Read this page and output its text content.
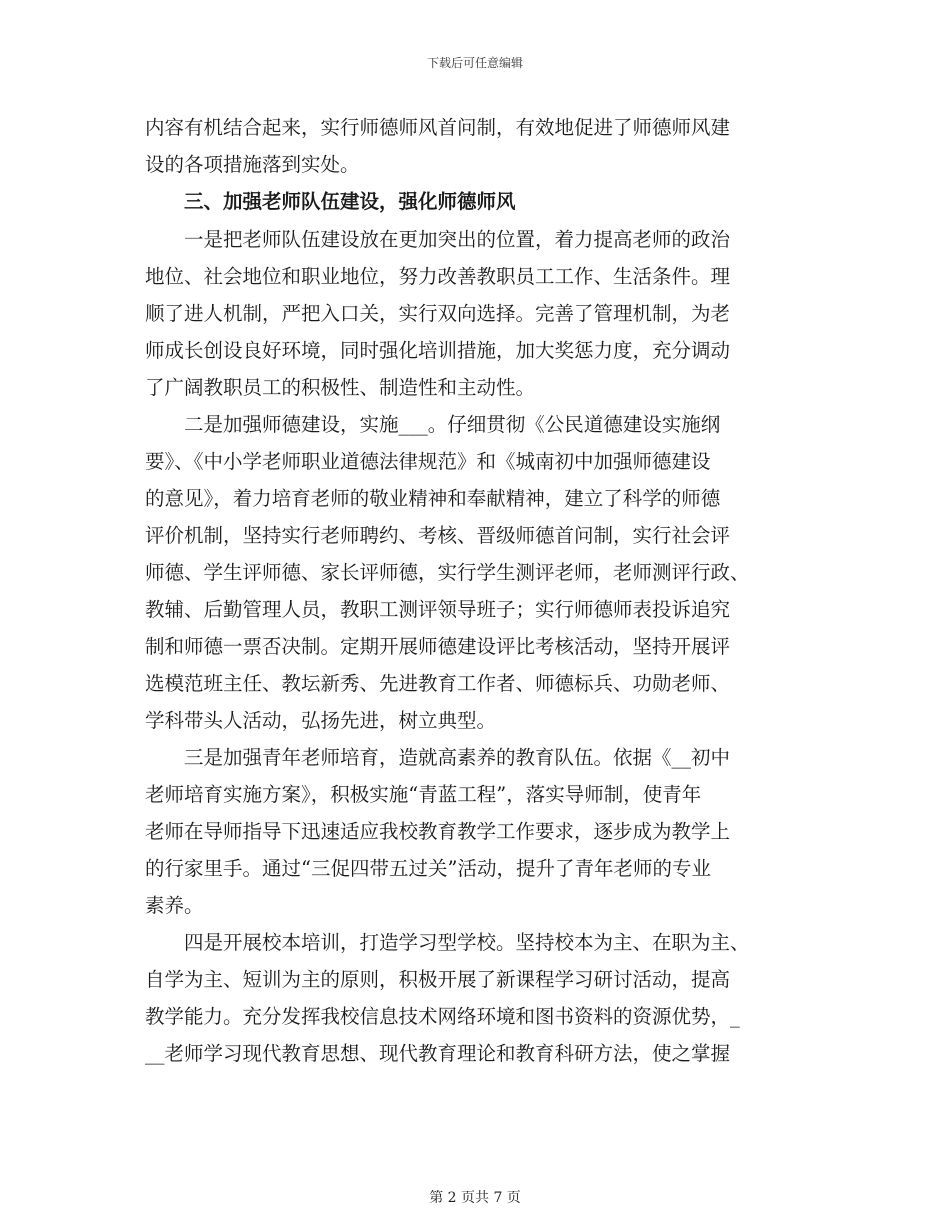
下载后可任意编辑
内容有机结合起来，实行师德师风首问制，有效地促进了师德师风建
设的各项措施落到实处。
　　三、加强老师队伍建设，强化师德师风
　　一是把老师队伍建设放在更加突出的位置，着力提高老师的政治
地位、社会地位和职业地位，努力改善教职员工工作、生活条件。理
顺了进人机制，严把入口关，实行双向选择。完善了管理机制，为老
师成长创设良好环境，同时强化培训措施，加大奖惩力度，充分调动
了广阔教职员工的积极性、制造性和主动性。
　　二是加强师德建设，实施___。仔细贯彻《公民道德建设实施纲
要》、《中小学老师职业道德法律规范》和《城南初中加强师德建设
的意见》，着力培育老师的敬业精神和奉献精神，建立了科学的师德
评价机制，坚持实行老师聘约、考核、晋级师德首问制，实行社会评
师德、学生评师德、家长评师德，实行学生测评老师，老师测评行政、
教辅、后勤管理人员，教职工测评领导班子；实行师德师表投诉追究
制和师德一票否决制。定期开展师德建设评比考核活动，坚持开展评
选模范班主任、教坛新秀、先进教育工作者、师德标兵、功勋老师、
学科带头人活动，弘扬先进，树立典型。
　　三是加强青年老师培育，造就高素养的教育队伍。依据《__初中
老师培育实施方案》，积极实施“青蓝工程”，落实导师制，使青年
老师在导师指导下迅速适应我校教育教学工作要求，逐步成为教学上
的行家里手。通过“三促四带五过关”活动，提升了青年老师的专业
素养。
　　四是开展校本培训，打造学习型学校。坚持校本为主、在职为主、
自学为主、短训为主的原则，积极开展了新课程学习研讨活动，提高
教学能力。充分发挥我校信息技术网络环境和图书资料的资源优势，_
__老师学习现代教育思想、现代教育理论和教育科研方法，使之掌握
第 2 页共 7 页
